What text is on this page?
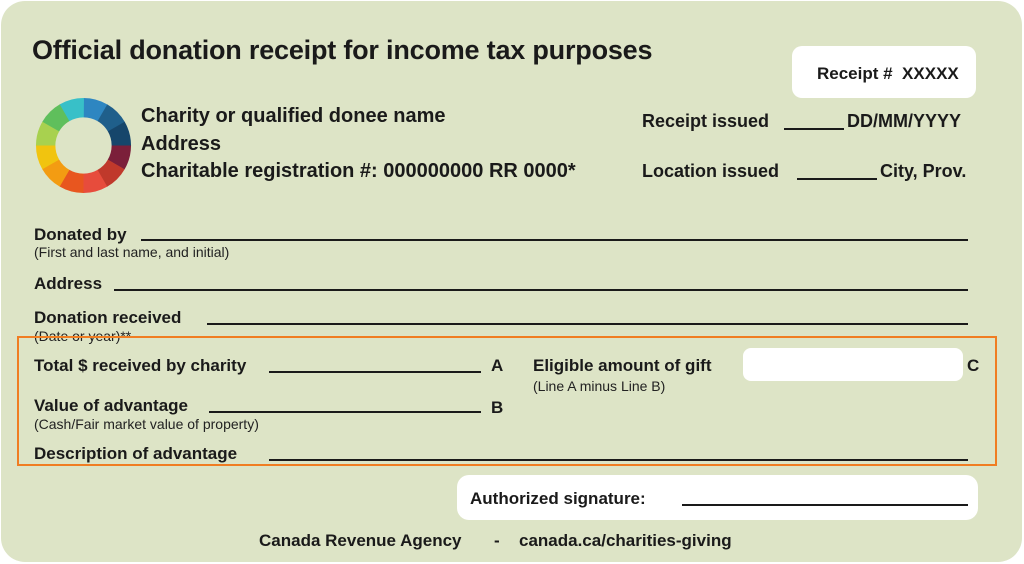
Official donation receipt for income tax purposes
Receipt # XXXXX
Charity or qualified donee name
Address
Charitable registration #: 000000000 RR 0000*
Receipt issued	DD/MM/YYYY
Location issued	City, Prov.
Donated by
(First and last name, and initial)
Address
Donation received
(Date or year)**
Total $ received by charity	A
Value of advantage	B
(Cash/Fair market value of property)
Description of advantage
Eligible amount of gift	C
(Line A minus Line B)
Authorized signature:
Canada Revenue Agency - canada.ca/charities-giving
